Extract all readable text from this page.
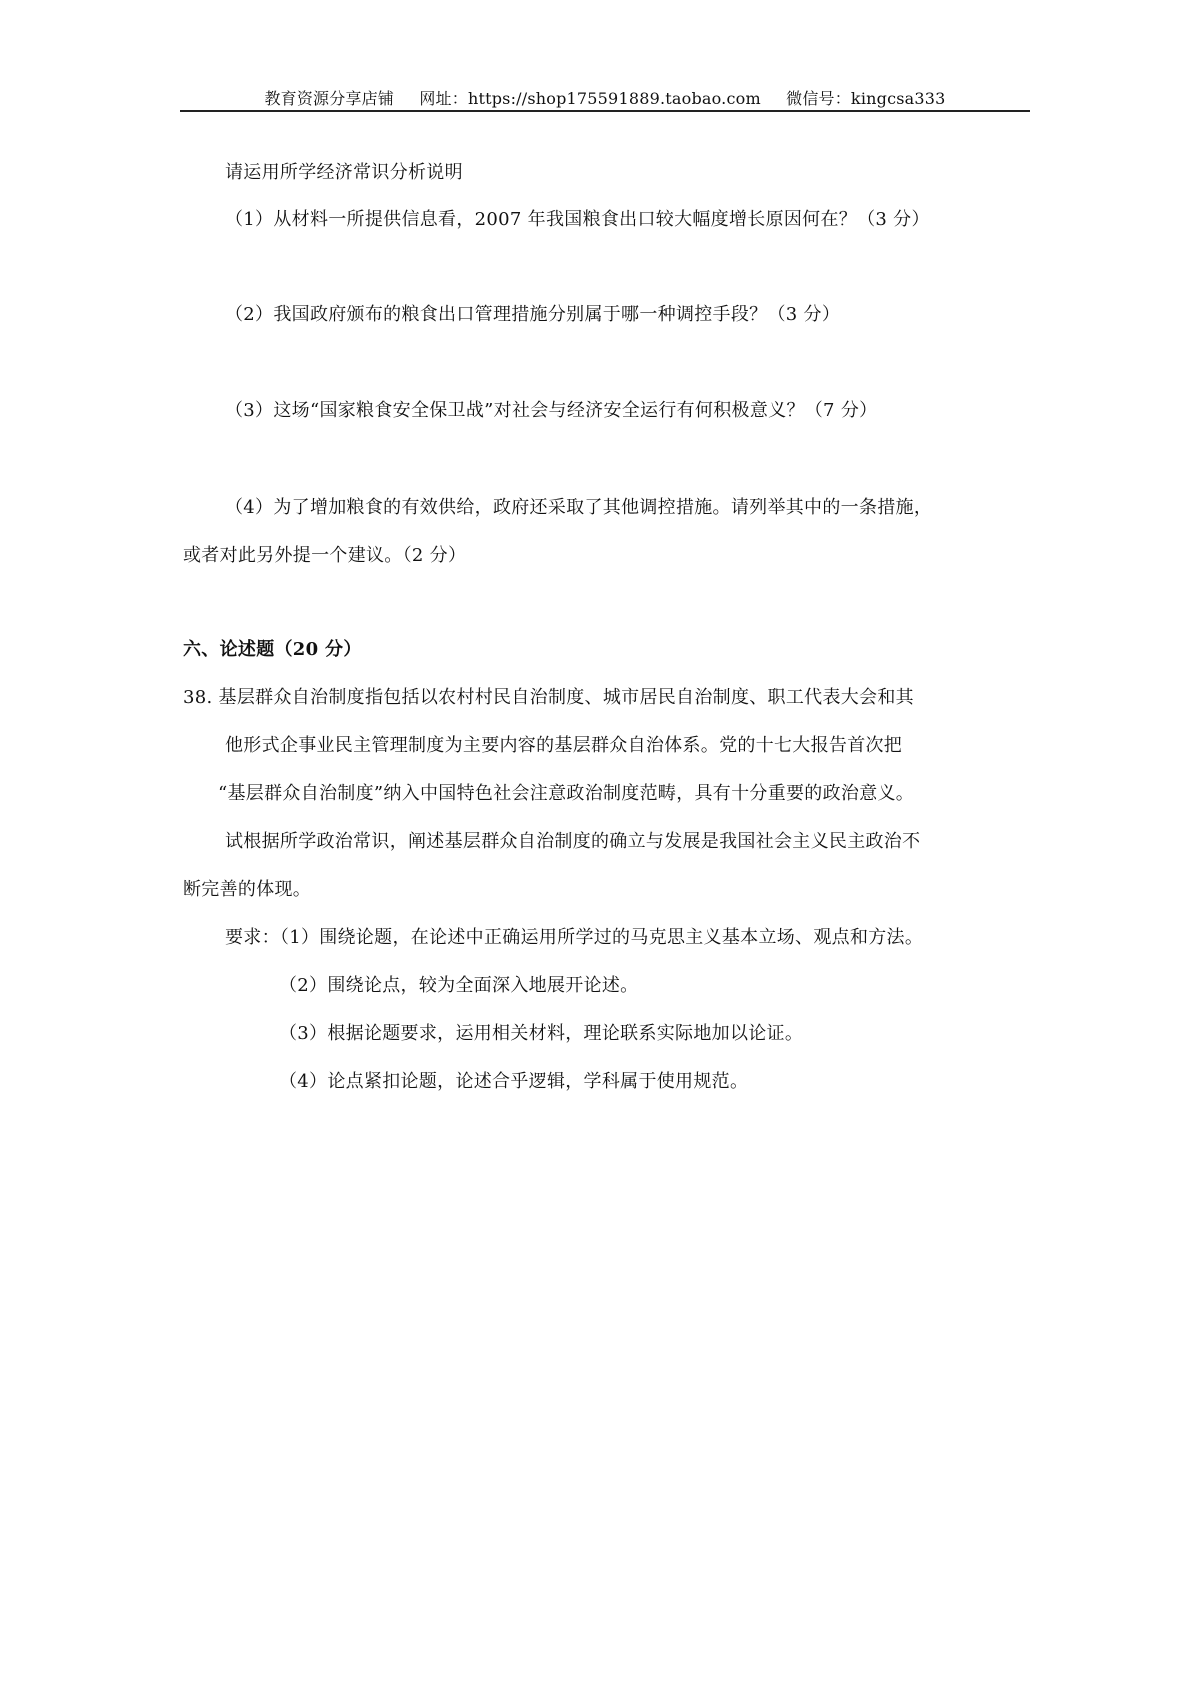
教育资源分享店铺 网址：https://shop175591889.taobao.com 微信号：kingcsa333
请运用所学经济常识分析说明
（1）从材料一所提供信息看，2007 年我国粮食出口较大幅度增长原因何在？（3 分）
（2）我国政府颁布的粮食出口管理措施分别属于哪一种调控手段？（3 分）
（3）这场“国家粮食安全保卫战”对社会与经济安全运行有何积极意义？（7 分）
（4）为了增加粮食的有效供给，政府还采取了其他调控措施。请列举其中的一条措施，
或者对此另外提一个建议。（2 分）
六、论述题（20 分）
38. 基层群众自治制度指包括以农村村民自治制度、城市居民自治制度、职工代表大会和其
他形式企事业民主管理制度为主要内容的基层群众自治体系。党的十七大报告首次把
“基层群众自治制度”纳入中国特色社会注意政治制度范畴，具有十分重要的政治意义。
试根据所学政治常识，阐述基层群众自治制度的确立与发展是我国社会主义民主政治不
断完善的体现。
要求：（1）围绕论题，在论述中正确运用所学过的马克思主义基本立场、观点和方法。
（2）围绕论点，较为全面深入地展开论述。
（3）根据论题要求，运用相关材料，理论联系实际地加以论证。
（4）论点紧扣论题，论述合乎逻辑，学科属于使用规范。
